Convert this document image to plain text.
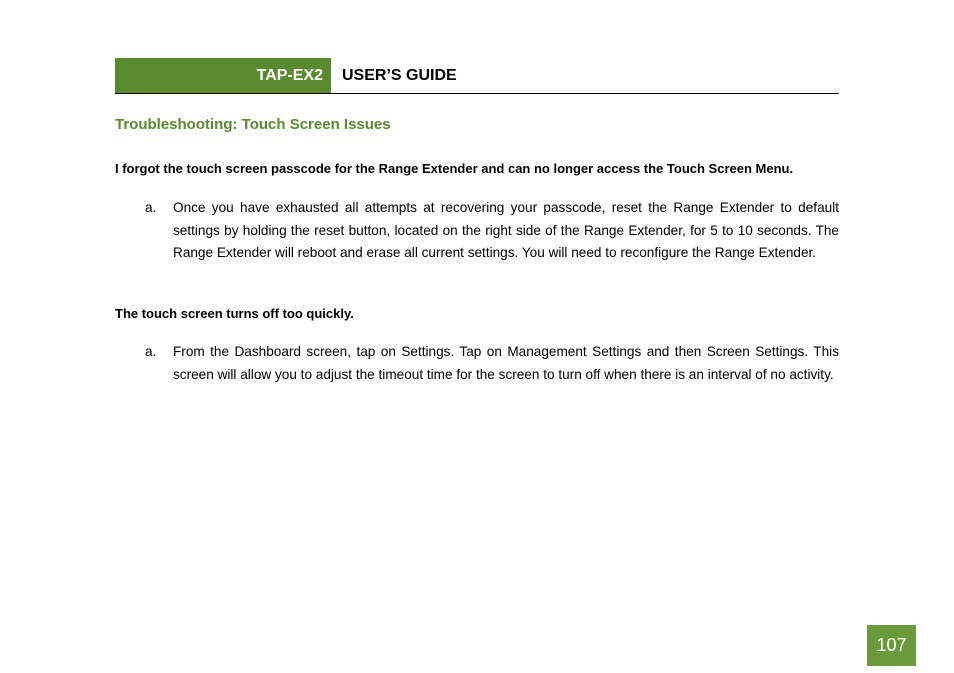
TAP-EX2	USER’S GUIDE
Troubleshooting: Touch Screen Issues
I forgot the touch screen passcode for the Range Extender and can no longer access the Touch Screen Menu.
a. Once you have exhausted all attempts at recovering your passcode, reset the Range Extender to default settings by holding the reset button, located on the right side of the Range Extender, for 5 to 10 seconds. The Range Extender will reboot and erase all current settings. You will need to reconfigure the Range Extender.
The touch screen turns off too quickly.
a. From the Dashboard screen, tap on Settings. Tap on Management Settings and then Screen Settings. This screen will allow you to adjust the timeout time for the screen to turn off when there is an interval of no activity.
107
